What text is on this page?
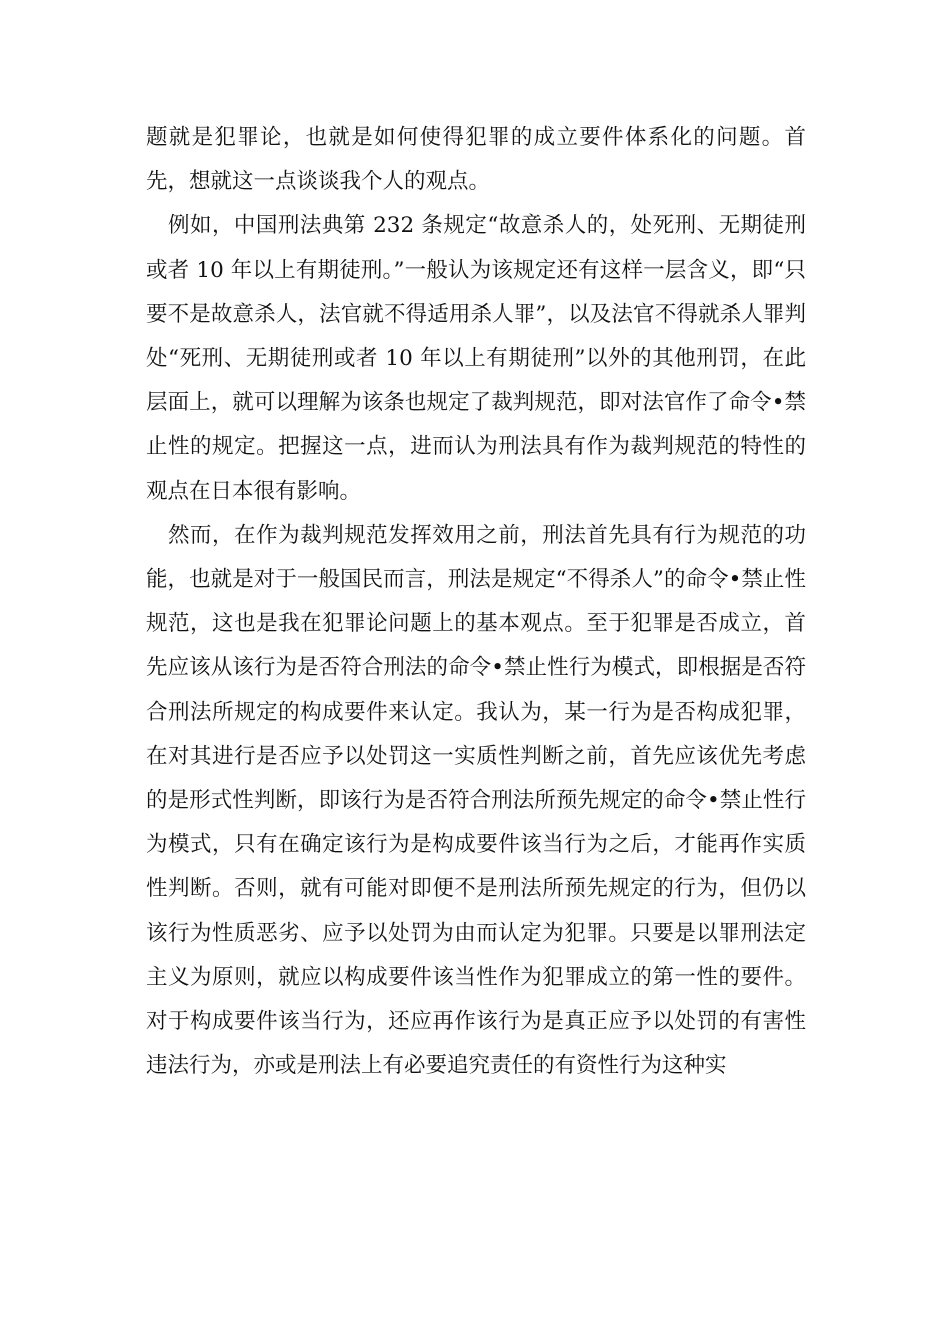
题就是犯罪论，也就是如何使得犯罪的成立要件体系化的问题。首先，想就这一点谈谈我个人的观点。

例如，中国刑法典第 232 条规定“故意杀人的，处死刑、无期徒刑或者 10 年以上有期徒刑。”一般认为该规定还有这样一层含义，即“只要不是故意杀人，法官就不得适用杀人罪”，以及法官不得就杀人罪判处“死刑、无期徒刑或者 10 年以上有期徒刑”以外的其他刑罚，在此层面上，就可以理解为该条也规定了裁判规范，即对法官作了命令•禁止性的规定。把握这一点，进而认为刑法具有作为裁判规范的特性的观点在日本很有影响。

然而，在作为裁判规范发挥效用之前，刑法首先具有行为规范的功能，也就是对于一般国民而言，刑法是规定“不得杀人”的命令•禁止性规范，这也是我在犯罪论问题上的基本观点。至于犯罪是否成立，首先应该从该行为是否符合刑法的命令•禁止性行为模式，即根据是否符合刑法所规定的构成要件来认定。我认为，某一行为是否构成犯罪，在对其进行是否应予以处罚这一实质性判断之前，首先应该优先考虑的是形式性判断，即该行为是否符合刑法所预先规定的命令•禁止性行为模式，只有在确定该行为是构成要件该当行为之后，才能再作实质性判断。否则，就有可能对即便不是刑法所预先规定的行为，但仍以该行为性质恶劣、应予以处罚为由而认定为犯罪。只要是以罪刑法定主义为原则，就应以构成要件该当性作为犯罪成立的第一性的要件。对于构成要件该当行为，还应再作该行为是真正应予以处罚的有害性违法行为，亦或是刑法上有必要追究责任的有资性行为这种实
